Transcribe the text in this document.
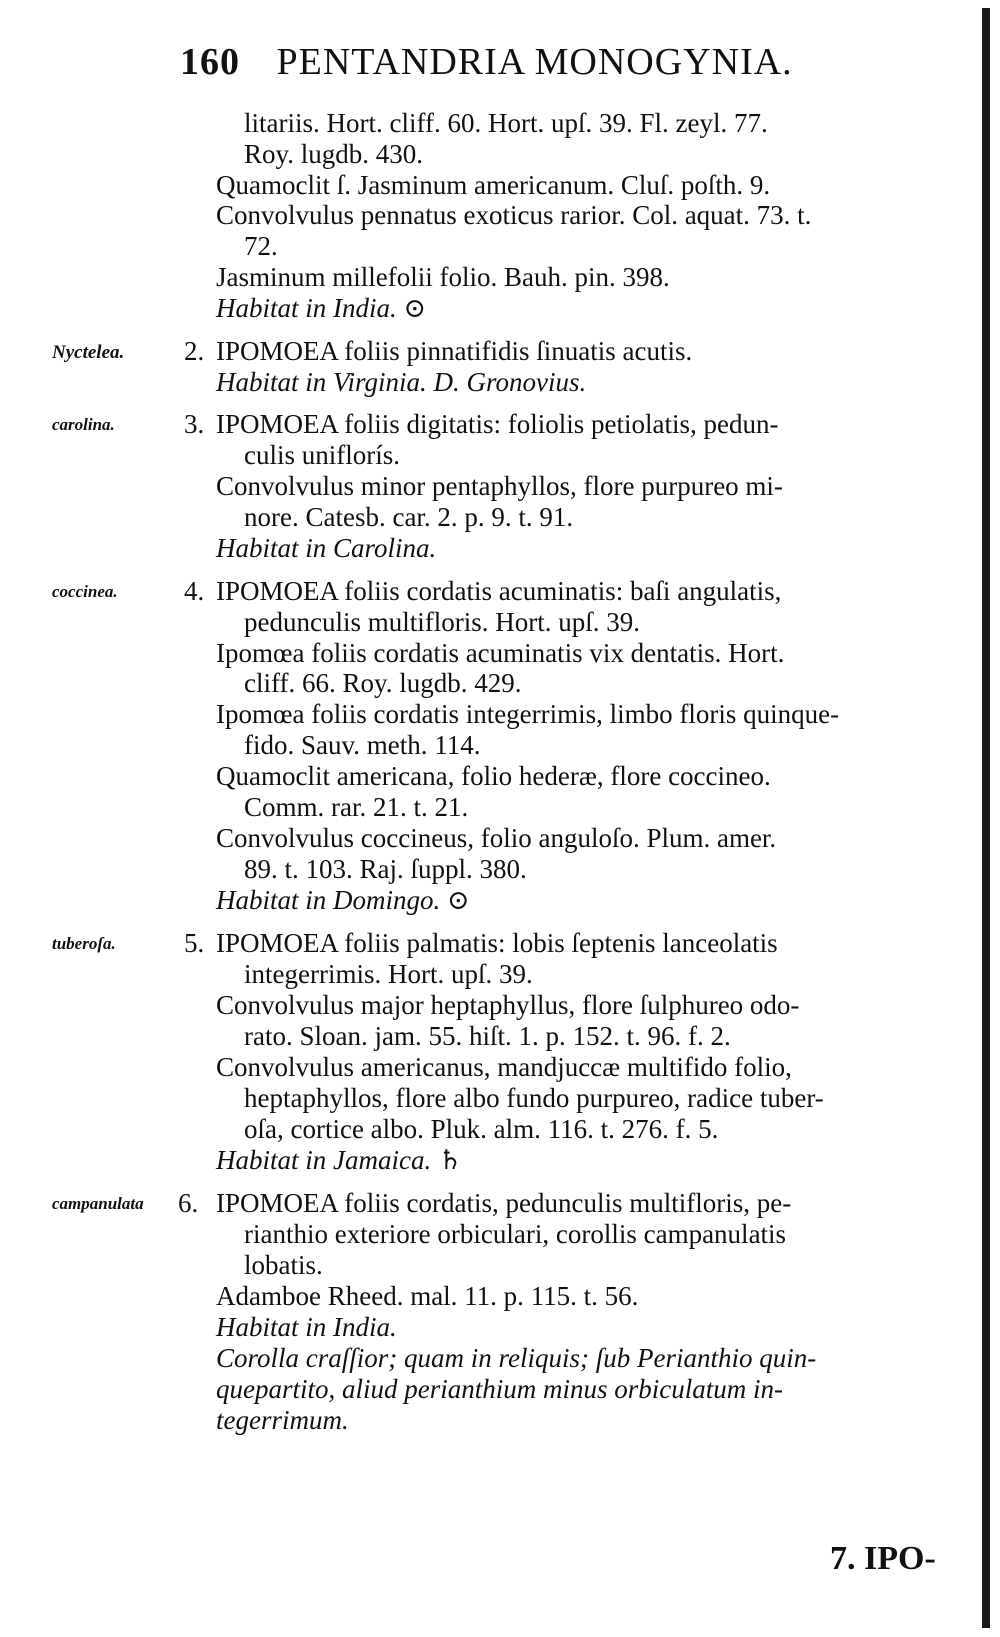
160 PENTANDRIA MONOGYNIA.
litariis. Hort. cliff. 60. Hort. upſ. 39. Fl. zeyl. 77.
Roy. lugdb. 430.
Quamoclit ſ. Jasminum americanum. Cluſ. poſth. 9.
Convolvulus pennatus exoticus rarior. Col. aquat. 73. t.
72.
Jasminum millefolii folio. Bauh. pin. 398.
Habitat in India. ⊙
IPOMOEA foliis pinnatifidis ſinuatis acutis.
Habitat in Virginia. D. Gronovius.
IPOMOEA foliis digitatis: foliolis petiolatis, pedun-
culis uniflorís.
Convolvulus minor pentaphyllos, flore purpureo mi-
nore. Catesb. car. 2. p. 9. t. 91.
Habitat in Carolina.
IPOMOEA foliis cordatis acuminatis: baſi angulatis,
pedunculis multifloris. Hort. upſ. 39.
Ipomœa foliis cordatis acuminatis vix dentatis. Hort.
cliff. 66. Roy. lugdb. 429.
Ipomœa foliis cordatis integerrimis, limbo floris quinque-
fido. Sauv. meth. 114.
Quamoclit americana, folio hederæ, flore coccineo.
Comm. rar. 21. t. 21.
Convolvulus coccineus, folio anguloſo. Plum. amer.
89. t. 103. Raj. ſuppl. 380.
Habitat in Domingo. ⊙
IPOMOEA foliis palmatis: lobis ſeptenis lanceolatis
integerrimis. Hort. upſ. 39.
Convolvulus major heptaphyllus, flore ſulphureo odo-
rato. Sloan. jam. 55. hiſt. 1. p. 152. t. 96. f. 2.
Convolvulus americanus, mandjuccæ multifido folio,
heptaphyllos, flore albo fundo purpureo, radice tuber-
oſa, cortice albo. Pluk. alm. 116. t. 276. f. 5.
Habitat in Jamaica. ♄
IPOMOEA foliis cordatis, pedunculis multifloris, pe-
rianthio exteriore orbiculari, corollis campanulatis
lobatis.
Adamboe Rheed. mal. 11. p. 115. t. 56.
Habitat in India.
Corolla craſſior; quam in reliquis; ſub Perianthio quin-
quepartito, aliud perianthium minus orbiculatum in-
tegerrimum.
2.
3.
4.
5.
6.
Nyctelea.
carolina.
coccinea.
tuberoſa.
campanulata
7. IPO-
